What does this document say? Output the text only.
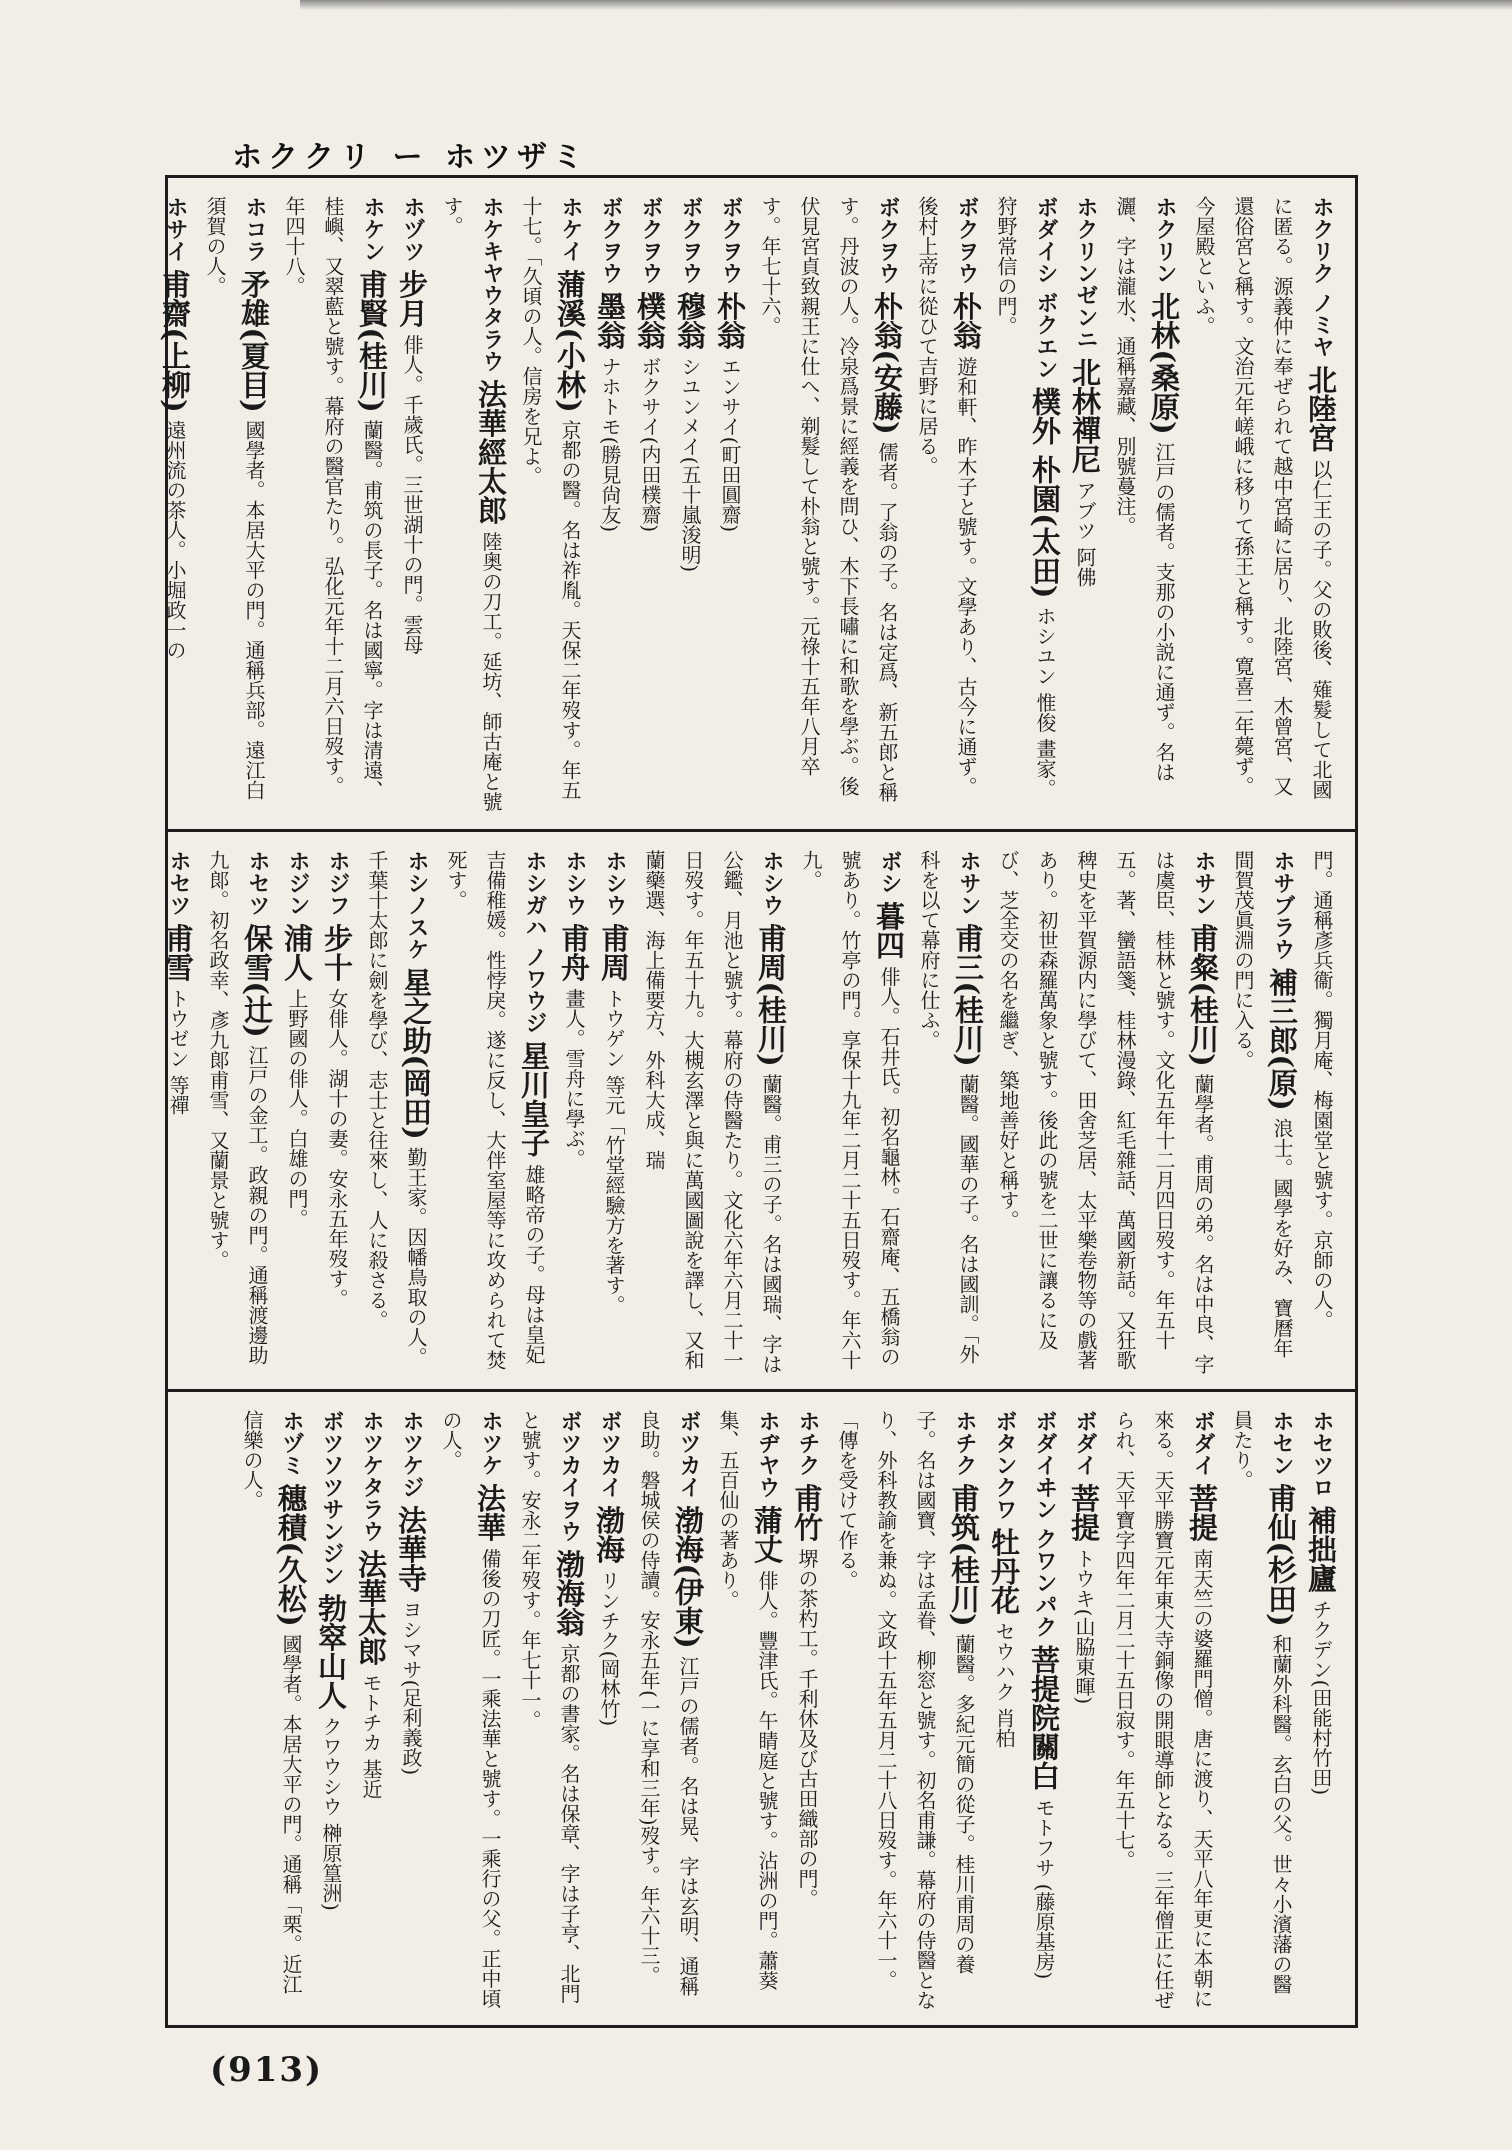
ホククリ ー ホツザミ
ホクリク ノミヤ 北陸宮 以仁王の子。父の敗後、薙髮して北國に匿る。源義仲に奉ぜられて越中宮崎に居り、北陸宮、木曾宮、又還俗宮と稱す。文治元年嵯峨に移りて孫王と稱す。寛喜二年薨ず。今屋殿といふ。
ホクリン 北林(桑原) 江戸の儒者。支那の小説に通ず。名は灑、字は瀧水、通稱嘉藏、別號蔓注。
ホクリンゼンニ 北林禪尼 アブツ 阿佛
ボダイシ ボクエン 樸外 朴園(太田) ホシユン 惟俊 畫家。狩野常信の門。
ボクヲウ 朴翁 遊和軒、昨木子と號す。文學あり、古今に通ず。後村上帝に從ひて吉野に居る。
ボクヲウ 朴翁(安藤) 儒者。了翁の子。名は定爲、新五郎と稱す。丹波の人。冷泉爲景に經義を問ひ、木下長嘯に和歌を學ぶ。後伏見宮貞致親王に仕へ、剃髮して朴翁と號す。元祿十五年八月卒す。年七十六。
ボクヲウ 朴翁 エンサイ(町田圓齋)
ボクヲウ 穆翁 シユンメイ(五十嵐浚明)
ボクヲウ 樸翁 ボクサイ(内田樸齋)
ボクヲウ 墨翁 ナホトモ(勝見尙友)
ホケイ 蒲溪(小林) 京都の醫。名は祚胤。天保二年歿す。年五十七。「久頃の人。信房を兄よ。
ホケキヤウタラウ 法華經太郎 陸奥の刀工。延坊、師古庵と號す。
ホヅツ 步月 俳人。千歲氏。三世湖十の門。雲母
ホケン 甫賢(桂川) 蘭醫。甫筑の長子。名は國寧。字は清遠、桂嶼、又翠藍と號す。幕府の醫官たり。弘化元年十二月六日歿す。年四十八。
ホコラ 矛雄(夏目) 國學者。本居大平の門。通稱兵部。遠江白須賀の人。
ホサイ 甫齋(上柳) 遠州流の茶人。小堀政一の
門。通稱彥兵衞。獨月庵、梅園堂と號す。京師の人。
ホサブラウ 補三郎(原) 浪士。國學を好み、寶曆年間賀茂眞淵の門に入る。
ホサン 甫粲(桂川) 蘭學者。甫周の弟。名は中良、字は虞臣、桂林と號す。文化五年十二月四日歿す。年五十五。著、蠻語箋、桂林漫錄、紅毛雜話、萬國新話。又狂歌稗史を平賀源内に學びて、田舍芝居、太平樂卷物等の戲著あり。初世森羅萬象と號す。後此の號を二世に讓るに及び、芝全交の名を繼ぎ、築地善好と稱す。
ホサン 甫三(桂川) 蘭醫。國華の子。名は國訓。「外科を以て幕府に仕ふ。
ボシ 暮四 俳人。石井氏。初名龜林。石齋庵、五橋翁の號あり。竹亭の門。享保十九年二月二十五日歿す。年六十九。
ホシウ 甫周(桂川) 蘭醫。甫三の子。名は國瑞、字は公鑑、月池と號す。幕府の侍醫たり。文化六年六月二十一日歿す。年五十九。大槻玄澤と與に萬國圖說を譯し、又和蘭藥選、海上備要方、外科大成、瑞
ホシウ 甫周 トウゲン 等元「竹堂經驗方を著す。
ホシウ 甫舟 畫人。雪舟に學ぶ。
ホシガハ ノワウジ 星川皇子 雄略帝の子。母は皇妃吉備稚媛。性悖戾。遂に反し、大伴室屋等に攻められて焚死す。
ホシノスケ 星之助(岡田) 勤王家。因幡鳥取の人。千葉十太郎に劍を學び、志士と往來し、人に殺さる。
ホジフ 步十 女俳人。湖十の妻。安永五年歿す。
ホジン 浦人 上野國の俳人。白雄の門。
ホセツ 保雪(辻) 江戸の金工。政親の門。通稱渡邊助九郞。初名政幸、彥九郞甫雪、又蘭景と號す。
ホセツ 甫雪 トウゼン 等禪
ホセツロ 補拙廬 チクデン(田能村竹田)
ホセン 甫仙(杉田) 和蘭外科醫。玄白の父。世々小濱藩の醫員たり。
ボダイ 菩提 南天竺の婆羅門僧。唐に渡り、天平八年更に本朝に來る。天平勝寶元年東大寺銅像の開眼導師となる。三年僧正に任ぜられ、天平寶字四年二月二十五日寂す。年五十七。
ボダイ 菩提 トウキ(山脇東暉)
ボダイヰン クワンパク 菩提院關白 モトフサ (藤原基房)
ボタンクワ 牡丹花 セウハク 肖柏
ホチク 甫筑(桂川) 蘭醫。多紀元簡の從子。桂川甫周の養子。名は國寶、字は孟眷、柳窓と號す。初名甫謙。幕府の侍醫となり、外科教諭を兼ぬ。文政十五年五月二十八日歿す。年六十一。「傳を受けて作る。
ホチク 甫竹 堺の茶杓工。千利休及び古田織部の門。
ホヂヤウ 蒲丈 俳人。豐津氏。午睛庭と號す。沾洲の門。蕭葵集、五百仙の著あり。
ボツカイ 渤海(伊東) 江戸の儒者。名は晃、字は玄明、通稱良助。磐城侯の侍讀。安永五年(一に享和三年)歿す。年六十三。
ボツカイ 渤海 リンチク(岡林竹)
ボツカイヲウ 渤海翁 京都の書家。名は保章、字は子亨、北門と號す。安永二年歿す。年七十一。
ホツケ 法華 備後の刀匠。一乘法華と號す。一乘行の父。正中頃の人。
ホツケジ 法華寺 ヨシマサ(足利義政)
ホツケタラウ 法華太郎 モトチカ 基近
ボツソツサンジン 勃窣山人 クワウシウ 榊原篁洲)
ホヅミ 穗積(久松) 國學者。本居大平の門。通稱「栗。近江信樂の人。
(913)
